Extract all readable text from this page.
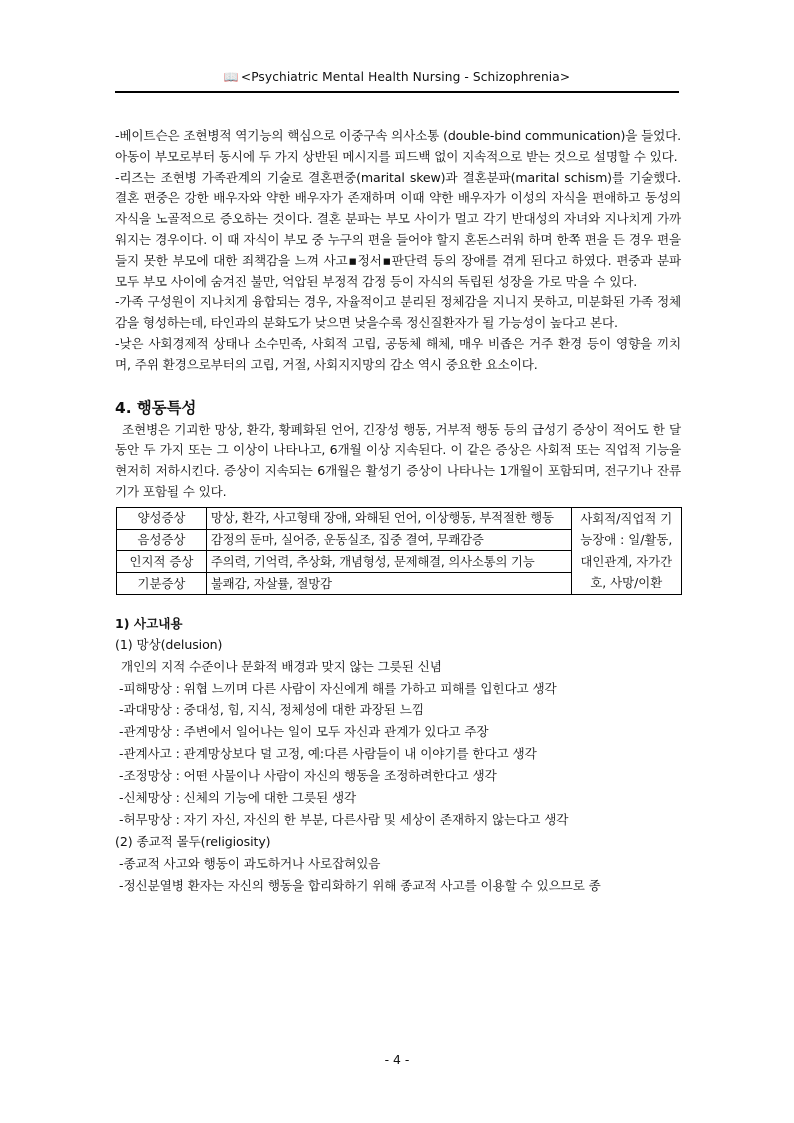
📖 <Psychiatric Mental Health Nursing - Schizophrenia>

-베이트슨은 조현병적 역기능의 핵심으로 이중구속 의사소통 (double-bind communication)을 들었다. 아동이 부모로부터 동시에 두 가지 상반된 메시지를 피드백 없이 지속적으로 받는 것으로 설명할 수 있다.

-리즈는 조현병 가족관계의 기술로 결혼편중(marital skew)과 결혼분파(marital schism)를 기술했다. 결혼 편중은 강한 배우자와 약한 배우자가 존재하며 이때 약한 배우자가 이성의 자식을 편애하고 동성의 자식을 노골적으로 증오하는 것이다. 결혼 분파는 부모 사이가 멀고 각기 반대성의 자녀와 지나치게 가까워지는 경우이다. 이 때 자식이 부모 중 누구의 편을 들어야 할지 혼돈스러워 하며 한쪽 편을 든 경우 편을 들지 못한 부모에 대한 죄책감을 느껴 사고▪정서▪판단력 등의 장애를 겪게 된다고 하였다. 편중과 분파 모두 부모 사이에 숨겨진 불만, 억압된 부정적 감정 등이 자식의 독립된 성장을 가로 막을 수 있다.

-가족 구성원이 지나치게 융합되는 경우, 자율적이고 분리된 정체감을 지니지 못하고, 미분화된 가족 정체감을 형성하는데, 타인과의 분화도가 낮으면 낮을수록 정신질환자가 될 가능성이 높다고 본다.

-낮은 사회경제적 상태나 소수민족, 사회적 고립, 공동체 해체, 매우 비좁은 거주 환경 등이 영향을 끼치며, 주위 환경으로부터의 고립, 거절, 사회지지망의 감소 역시 중요한 요소이다.

4. 행동특성

조현병은 기괴한 망상, 환각, 황폐화된 언어, 긴장성 행동, 거부적 행동 등의 급성기 증상이 적어도 한 달 동안 두 가지 또는 그 이상이 나타나고, 6개월 이상 지속된다. 이 같은 증상은 사회적 또는 직업적 기능을 현저히 저하시킨다. 증상이 지속되는 6개월은 활성기 증상이 나타나는 1개월이 포함되며, 전구기나 잔류기가 포함될 수 있다.

양성증상	망상, 환각, 사고형태 장애, 와해된 언어, 이상행동, 부적절한 행동	사회적/직업적 기능장애 : 일/활동, 대인관계, 자가간호, 사망/이환
음성증상	감정의 둔마, 실어증, 운동실조, 집중 결여, 무쾌감증	
인지적 증상	주의력, 기억력, 추상화, 개념형성, 문제해결, 의사소통의 기능	
기분증상	불쾌감, 자살률, 절망감	
1) 사고내용

(1) 망상(delusion)

개인의 지적 수준이나 문화적 배경과 맞지 않는 그릇된 신념

-피해망상 : 위협 느끼며 다른 사람이 자신에게 해를 가하고 피해를 입힌다고 생각

-과대망상 : 중대성, 힘, 지식, 정체성에 대한 과장된 느낌

-관계망상 : 주변에서 일어나는 일이 모두 자신과 관계가 있다고 주장

-관계사고 : 관계망상보다 덜 고정, 예:다른 사람들이 내 이야기를 한다고 생각

-조정망상 : 어떤 사물이나 사람이 자신의 행동을 조정하려한다고 생각

-신체망상 : 신체의 기능에 대한 그릇된 생각

-허무망상 : 자기 자신, 자신의 한 부분, 다른사람 및 세상이 존재하지 않는다고 생각

(2) 종교적 몰두(religiosity)

-종교적 사고와 행동이 과도하거나 사로잡혀있음

-정신분열병 환자는 자신의 행동을 합리화하기 위해 종교적 사고를 이용할 수 있으므로 종

- 4 -
